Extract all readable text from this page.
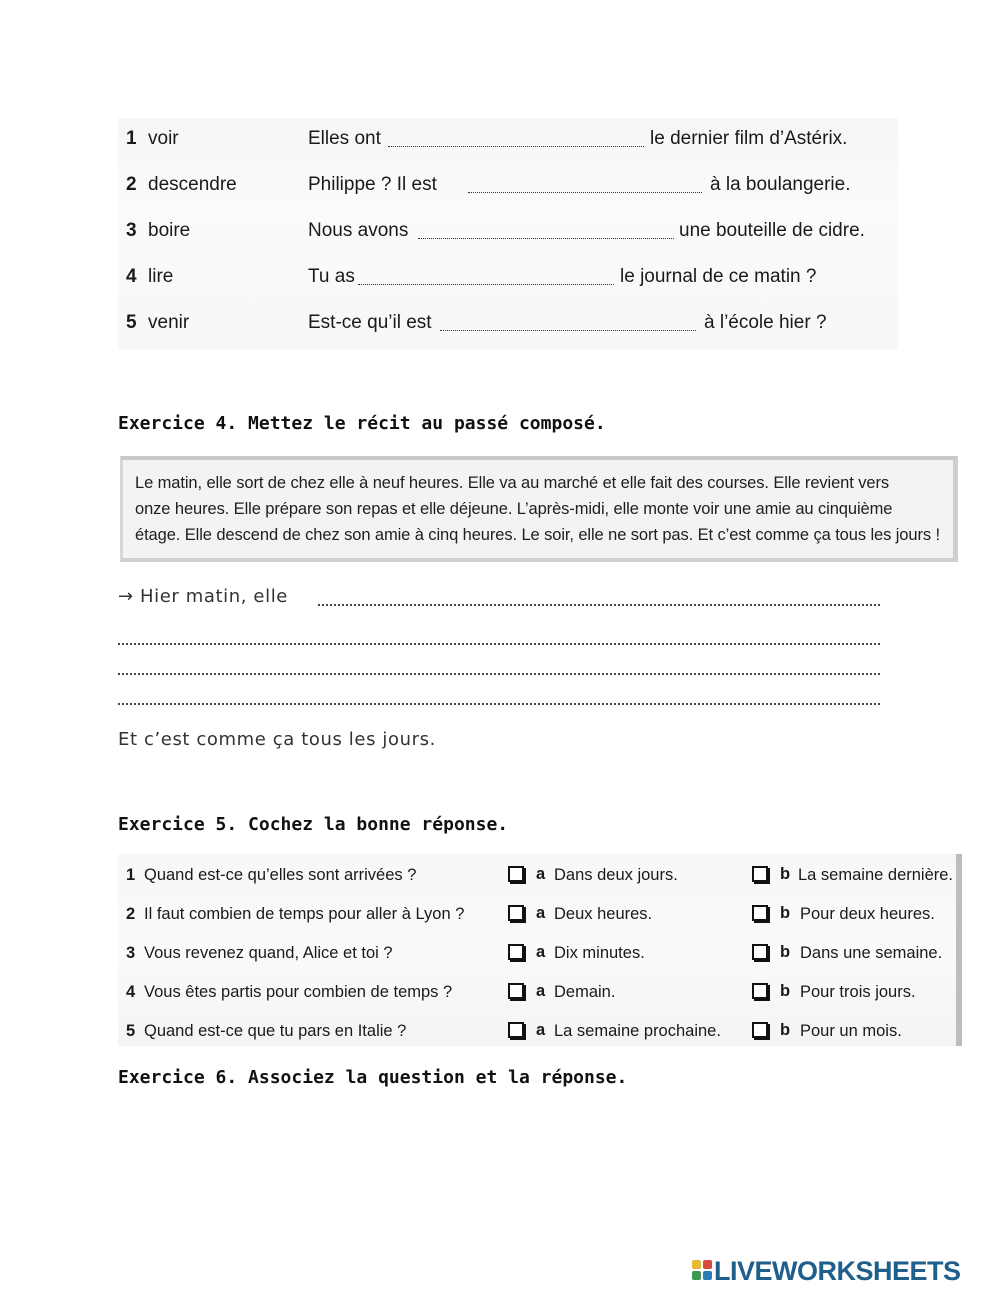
1 voir	Elles ont	le dernier film d’Astérix.
2 descendre	Philippe ? Il est	à la boulangerie.
3 boire	Nous avons	une bouteille de cidre.
4 lire	Tu as	le journal de ce matin ?
5 venir	Est-ce qu’il est	à l’école hier ?
Exercice 4. Mettez le récit au passé composé.

Le matin, elle sort de chez elle à neuf heures. Elle va au marché et elle fait des courses. Elle revient vers
onze heures. Elle prépare son repas et elle déjeune. L’après-midi, elle monte voir une amie au cinquième
étage. Elle descend de chez son amie à cinq heures. Le soir, elle ne sort pas. Et c’est comme ça tous les jours !

→ Hier matin, elle
Et c’est comme ça tous les jours.
Exercice 5. Cochez la bonne réponse.
1 Quand est-ce qu’elles sont arrivées ?	a Dans deux jours.	b La semaine dernière.
2 Il faut combien de temps pour aller à Lyon ?	a Deux heures.	b Pour deux heures.
3 Vous revenez quand, Alice et toi ?	a Dix minutes.	b Dans une semaine.
4 Vous êtes partis pour combien de temps ?	a Demain.	b Pour trois jours.
5 Quand est-ce que tu pars en Italie ?	a La semaine prochaine.	b Pour un mois.
Exercice 6. Associez la question et la réponse.
LIVEWORKSHEETS
